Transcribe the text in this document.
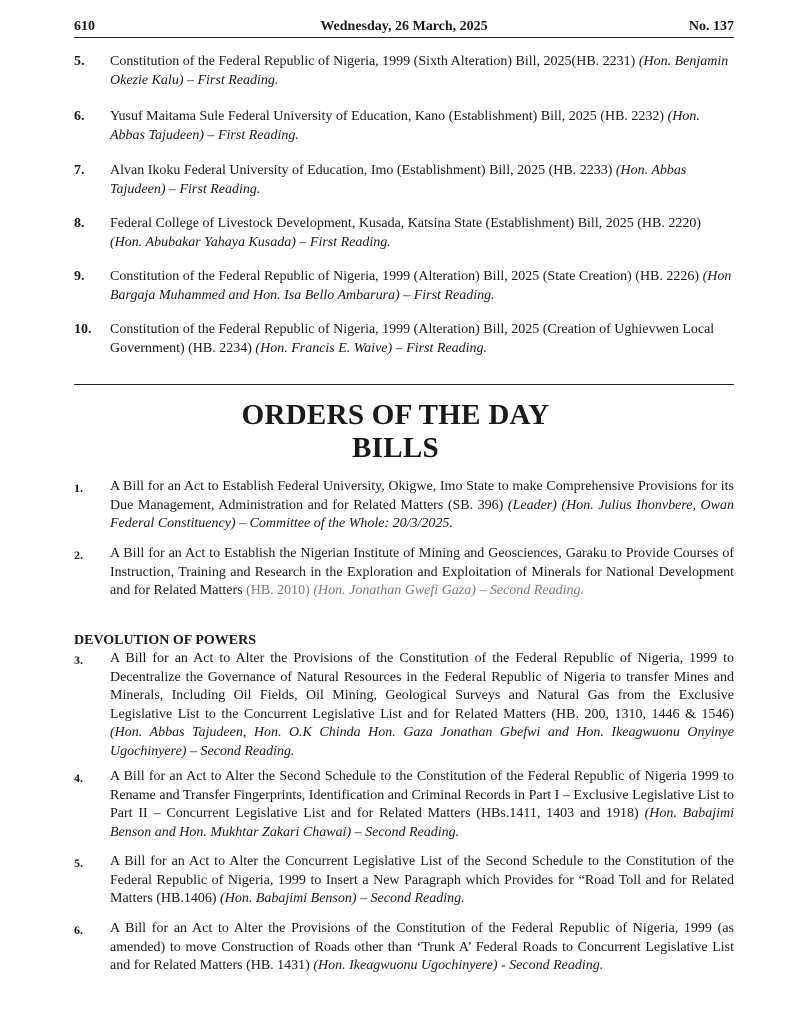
610	Wednesday, 26 March, 2025	No. 137
5. Constitution of the Federal Republic of Nigeria, 1999 (Sixth Alteration) Bill, 2025(HB. 2231) (Hon. Benjamin Okezie Kalu) – First Reading.
6. Yusuf Maitama Sule Federal University of Education, Kano (Establishment) Bill, 2025 (HB. 2232) (Hon. Abbas Tajudeen) – First Reading.
7. Alvan Ikoku Federal University of Education, Imo (Establishment) Bill, 2025 (HB. 2233) (Hon. Abbas Tajudeen) – First Reading.
8. Federal College of Livestock Development, Kusada, Katsina State (Establishment) Bill, 2025 (HB. 2220) (Hon. Abubakar Yahaya Kusada) – First Reading.
9. Constitution of the Federal Republic of Nigeria, 1999 (Alteration) Bill, 2025 (State Creation) (HB. 2226) (Hon Bargaja Muhammed and Hon. Isa Bello Ambarura) – First Reading.
10. Constitution of the Federal Republic of Nigeria, 1999 (Alteration) Bill, 2025 (Creation of Ughievwen Local Government) (HB. 2234) (Hon. Francis E. Waive) – First Reading.
ORDERS OF THE DAY
BILLS
1. A Bill for an Act to Establish Federal University, Okigwe, Imo State to make Comprehensive Provisions for its Due Management, Administration and for Related Matters (SB. 396) (Leader) (Hon. Julius Ihonvbere, Owan Federal Constituency) – Committee of the Whole: 20/3/2025.
2. A Bill for an Act to Establish the Nigerian Institute of Mining and Geosciences, Garaku to Provide Courses of Instruction, Training and Research in the Exploration and Exploitation of Minerals for National Development and for Related Matters (HB. 2010) (Hon. Jonathan Gwefi Gaza) – Second Reading.
DEVOLUTION OF POWERS
3. A Bill for an Act to Alter the Provisions of the Constitution of the Federal Republic of Nigeria, 1999 to Decentralize the Governance of Natural Resources in the Federal Republic of Nigeria to transfer Mines and Minerals, Including Oil Fields, Oil Mining, Geological Surveys and Natural Gas from the Exclusive Legislative List to the Concurrent Legislative List and for Related Matters (HB. 200, 1310, 1446 & 1546) (Hon. Abbas Tajudeen, Hon. O.K Chinda Hon. Gaza Jonathan Gbefwi and Hon. Ikeagwuonu Onyinye Ugochinyere) – Second Reading.
4. A Bill for an Act to Alter the Second Schedule to the Constitution of the Federal Republic of Nigeria 1999 to Rename and Transfer Fingerprints, Identification and Criminal Records in Part I – Exclusive Legislative List to Part II – Concurrent Legislative List and for Related Matters (HBs.1411, 1403 and 1918) (Hon. Babajimi Benson and Hon. Mukhtar Zakari Chawai) – Second Reading.
5. A Bill for an Act to Alter the Concurrent Legislative List of the Second Schedule to the Constitution of the Federal Republic of Nigeria, 1999 to Insert a New Paragraph which Provides for “Road Toll and for Related Matters (HB.1406) (Hon. Babajimi Benson) – Second Reading.
6. A Bill for an Act to Alter the Provisions of the Constitution of the Federal Republic of Nigeria, 1999 (as amended) to move Construction of Roads other than ‘Trunk A’ Federal Roads to Concurrent Legislative List and for Related Matters (HB. 1431) (Hon. Ikeagwuonu Ugochinyere) - Second Reading.
